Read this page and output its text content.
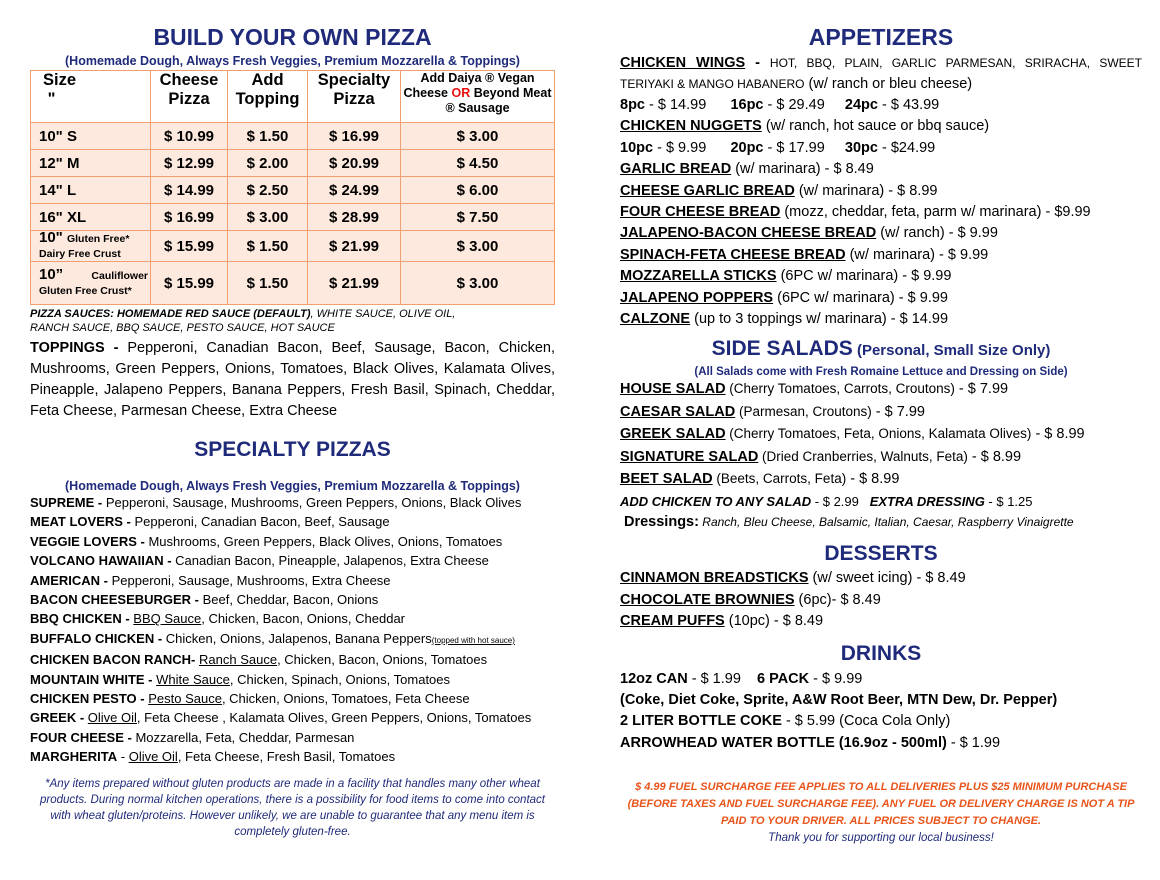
BUILD YOUR OWN PIZZA
(Homemade Dough, Always Fresh Veggies, Premium Mozzarella & Toppings)
Size
"	Cheese Pizza	Add Topping	Specialty Pizza	Add Daiya ® Vegan Cheese OR Beyond Meat ® Sausage
10" S	$ 10.99	$ 1.50	$ 16.99	$ 3.00
12" M	$ 12.99	$ 2.00	$ 20.99	$ 4.50
14" L	$ 14.99	$ 2.50	$ 24.99	$ 6.00
16" XL	$ 16.99	$ 3.00	$ 28.99	$ 7.50
10" Gluten Free*
Dairy Free Crust	$ 15.99	$ 1.50	$ 21.99	$ 3.00
10” Cauliflower Gluten Free Crust*	$ 15.99	$ 1.50	$ 21.99	$ 3.00
PIZZA SAUCES: HOMEMADE RED SAUCE (DEFAULT), WHITE SAUCE, OLIVE OIL,
RANCH SAUCE, BBQ SAUCE, PESTO SAUCE, HOT SAUCE
TOPPINGS - Pepperoni, Canadian Bacon, Beef, Sausage, Bacon, Chicken, Mushrooms, Green Peppers, Onions, Tomatoes, Black Olives, Kalamata Olives, Pineapple, Jalapeno Peppers, Banana Peppers, Fresh Basil, Spinach, Cheddar, Feta Cheese, Parmesan Cheese, Extra Cheese
SPECIALTY PIZZAS
(Homemade Dough, Always Fresh Veggies, Premium Mozzarella & Toppings)
SUPREME - Pepperoni, Sausage, Mushrooms, Green Peppers, Onions, Black Olives
MEAT LOVERS - Pepperoni, Canadian Bacon, Beef, Sausage
VEGGIE LOVERS - Mushrooms, Green Peppers, Black Olives, Onions, Tomatoes
VOLCANO HAWAIIAN - Canadian Bacon, Pineapple, Jalapenos, Extra Cheese
AMERICAN - Pepperoni, Sausage, Mushrooms, Extra Cheese
BACON CHEESEBURGER - Beef, Cheddar, Bacon, Onions
BBQ CHICKEN - BBQ Sauce, Chicken, Bacon, Onions, Cheddar
BUFFALO CHICKEN - Chicken, Onions, Jalapenos, Banana Peppers(topped with hot sauce)
CHICKEN BACON RANCH- Ranch Sauce, Chicken, Bacon, Onions, Tomatoes
MOUNTAIN WHITE - White Sauce, Chicken, Spinach, Onions, Tomatoes
CHICKEN PESTO - Pesto Sauce, Chicken, Onions, Tomatoes, Feta Cheese
GREEK - Olive Oil, Feta Cheese , Kalamata Olives, Green Peppers, Onions, Tomatoes
FOUR CHEESE - Mozzarella, Feta, Cheddar, Parmesan
MARGHERITA - Olive Oil, Feta Cheese, Fresh Basil, Tomatoes
*Any items prepared without gluten products are made in a facility that handles many other wheat products. During normal kitchen operations, there is a possibility for food items to come into contact with wheat gluten/proteins. However unlikely, we are unable to guarantee that any menu item is completely gluten-free.
APPETIZERS
CHICKEN WINGS - HOT, BBQ, PLAIN, GARLIC PARMESAN, SRIRACHA, SWEET TERIYAKI & MANGO HABANERO (w/ ranch or bleu cheese)
8pc - $ 14.99 16pc - $ 29.49 24pc - $ 43.99
CHICKEN NUGGETS (w/ ranch, hot sauce or bbq sauce)
10pc - $ 9.99 20pc - $ 17.99 30pc - $24.99
GARLIC BREAD (w/ marinara) - $ 8.49
CHEESE GARLIC BREAD (w/ marinara) - $ 8.99
FOUR CHEESE BREAD (mozz, cheddar, feta, parm w/ marinara) - $9.99
JALAPENO-BACON CHEESE BREAD (w/ ranch) - $ 9.99
SPINACH-FETA CHEESE BREAD (w/ marinara) - $ 9.99
MOZZARELLA STICKS (6PC w/ marinara) - $ 9.99
JALAPENO POPPERS (6PC w/ marinara) - $ 9.99
CALZONE (up to 3 toppings w/ marinara) - $ 14.99
SIDE SALADS (Personal, Small Size Only)
(All Salads come with Fresh Romaine Lettuce and Dressing on Side)
HOUSE SALAD (Cherry Tomatoes, Carrots, Croutons) - $ 7.99
CAESAR SALAD (Parmesan, Croutons) - $ 7.99
GREEK SALAD (Cherry Tomatoes, Feta, Onions, Kalamata Olives) - $ 8.99
SIGNATURE SALAD (Dried Cranberries, Walnuts, Feta) - $ 8.99
BEET SALAD (Beets, Carrots, Feta) - $ 8.99
ADD CHICKEN TO ANY SALAD - $ 2.99 EXTRA DRESSING - $ 1.25
Dressings: Ranch, Bleu Cheese, Balsamic, Italian, Caesar, Raspberry Vinaigrette
DESSERTS
CINNAMON BREADSTICKS (w/ sweet icing) - $ 8.49
CHOCOLATE BROWNIES (6pc)- $ 8.49
CREAM PUFFS (10pc) - $ 8.49
DRINKS
12oz CAN - $ 1.99 6 PACK - $ 9.99
(Coke, Diet Coke, Sprite, A&W Root Beer, MTN Dew, Dr. Pepper)
2 LITER BOTTLE COKE - $ 5.99 (Coca Cola Only)
ARROWHEAD WATER BOTTLE (16.9oz - 500ml) - $ 1.99
$ 4.99 FUEL SURCHARGE FEE APPLIES TO ALL DELIVERIES PLUS $25 MINIMUM PURCHASE (BEFORE TAXES AND FUEL SURCHARGE FEE). ANY FUEL OR DELIVERY CHARGE IS NOT A TIP PAID TO YOUR DRIVER. ALL PRICES SUBJECT TO CHANGE.
Thank you for supporting our local business!
